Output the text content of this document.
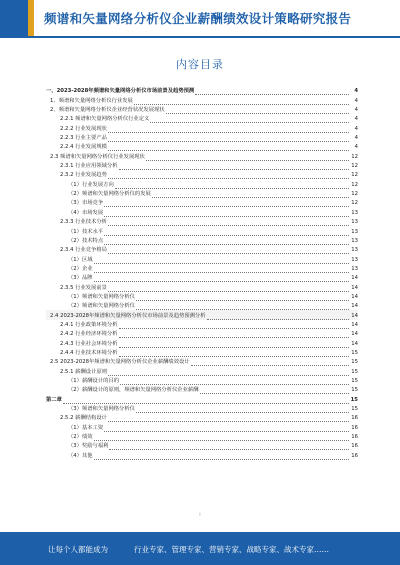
频谱和矢量网络分析仪企业薪酬绩效设计策略研究报告
内容目录
一、2023-2028年频谱和矢量网络分析仪市场前景及趋势预测	4
1、频谱和矢量网络分析仪行业发展	4
2、频谱和矢量网络分析仪企业经营状况发展现状	4
2.2.1 频谱和矢量网络分析仪行业定义	4
2.2.2 行业发展现状	4
2.2.3 行业主要产品	4
2.2.4 行业发展规模	4
2.3 频谱和矢量网络分析仪行业发展现状	12
2.3.1 行业应用领域分析	12
2.3.2 行业发展趋势	12
（1）行业发展方向	12
（2）频谱和矢量网络分析仪的发展	12
（3）市场竞争	12
（4）市场发展	13
2.3.3 行业技术分析	13
（1）技术水平	13
（2）技术特点	13
2.3.4 行业竞争格局	13
（1）区域	13
（2）企业	13
（3）品牌	14
2.3.5 行业发展前景	14
（1）频谱和矢量网络分析仪	14
（2）频谱和矢量网络分析仪	14
2.4 2023-2028年频谱和矢量网络分析仪市场前景及趋势预测分析	14
2.4.1 行业政策环境分析	14
2.4.2 行业经济环境分析	14
2.4.3 行业社会环境分析	14
2.4.4 行业技术环境分析	15
2.5 2023-2028年频谱和矢量网络分析仪企业薪酬绩效设计	15
2.5.1 薪酬设计原则	15
（1）薪酬设计的目的	15
（2）薪酬设计的原则，频谱和矢量网络分析仪企业薪酬	15
第二章	15
（3）频谱和矢量网络分析仪	15
2.5.2 薪酬结构设计	16
（1）基本工资	16
（2）绩效	16
（3）奖励与福利	16
（4）其他	16
I
让每个人都能成为	行业专家、管理专家、营销专家、战略专家、战术专家……
